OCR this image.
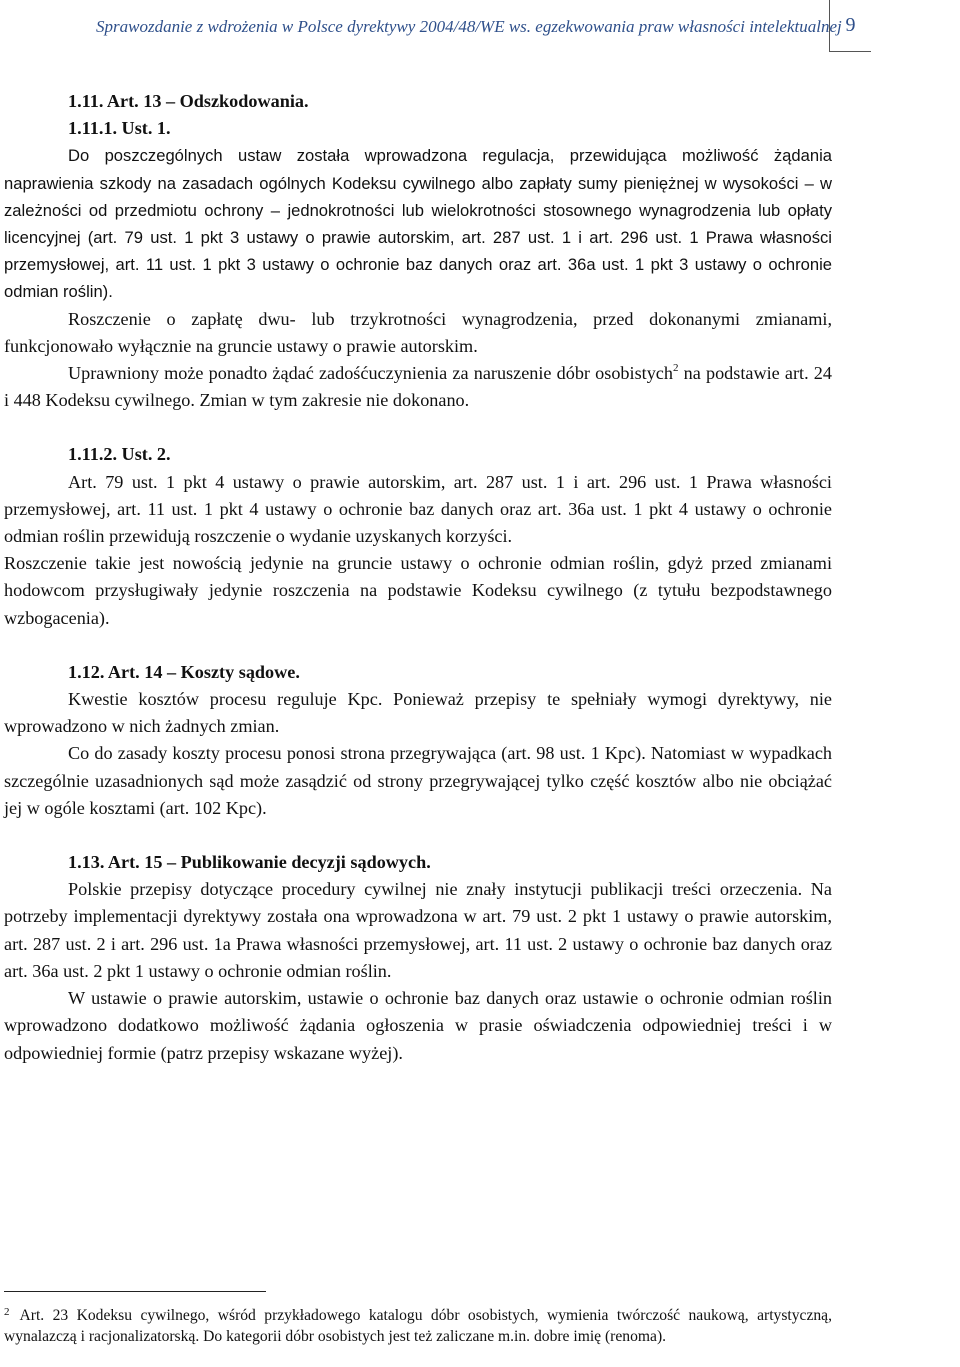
Sprawozdanie z wdrożenia w Polsce dyrektywy 2004/48/WE ws. egzekwowania praw własności intelektualnej 9
1.11. Art. 13 – Odszkodowania.
1.11.1. Ust. 1.

Do poszczególnych ustaw została wprowadzona regulacja, przewidująca możliwość żądania naprawienia szkody na zasadach ogólnych Kodeksu cywilnego albo zapłaty sumy pieniężnej w wysokości – w zależności od przedmiotu ochrony – jednokrotności lub wielokrotności stosownego wynagrodzenia lub opłaty licencyjnej (art. 79 ust. 1 pkt 3 ustawy o prawie autorskim, art. 287 ust. 1 i art. 296 ust. 1 Prawa własności przemysłowej, art. 11 ust. 1 pkt 3 ustawy o ochronie baz danych oraz art. 36a ust. 1 pkt 3 ustawy o ochronie odmian roślin).

Roszczenie o zapłatę dwu- lub trzykrotności wynagrodzenia, przed dokonanymi zmianami, funkcjonowało wyłącznie na gruncie ustawy o prawie autorskim.

Uprawniony może ponadto żądać zadośćuczynienia za naruszenie dóbr osobistych$^2$ na podstawie art. 24 i 448 Kodeksu cywilnego. Zmian w tym zakresie nie dokonano.

1.11.2. Ust. 2.

Art. 79 ust. 1 pkt 4 ustawy o prawie autorskim, art. 287 ust. 1 i art. 296 ust. 1 Prawa własności przemysłowej, art. 11 ust. 1 pkt 4 ustawy o ochronie baz danych oraz art. 36a ust. 1 pkt 4 ustawy o ochronie odmian roślin przewidują roszczenie o wydanie uzyskanych korzyści.

Roszczenie takie jest nowością jedynie na gruncie ustawy o ochronie odmian roślin, gdyż przed zmianami hodowcom przysługiwały jedynie roszczenia na podstawie Kodeksu cywilnego (z tytułu bezpodstawnego wzbogacenia).

1.12. Art. 14 – Koszty sądowe.

Kwestie kosztów procesu reguluje Kpc. Ponieważ przepisy te spełniały wymogi dyrektywy, nie wprowadzono w nich żadnych zmian.

Co do zasady koszty procesu ponosi strona przegrywająca (art. 98 ust. 1 Kpc). Natomiast w wypadkach szczególnie uzasadnionych sąd może zasądzić od strony przegrywającej tylko część kosztów albo nie obciążać jej w ogóle kosztami (art. 102 Kpc).

1.13. Art. 15 – Publikowanie decyzji sądowych.

Polskie przepisy dotyczące procedury cywilnej nie znały instytucji publikacji treści orzeczenia. Na potrzeby implementacji dyrektywy została ona wprowadzona w art. 79 ust. 2 pkt 1 ustawy o prawie autorskim, art. 287 ust. 2 i art. 296 ust. 1a Prawa własności przemysłowej, art. 11 ust. 2 ustawy o ochronie baz danych oraz art. 36a ust. 2 pkt 1 ustawy o ochronie odmian roślin.

W ustawie o prawie autorskim, ustawie o ochronie baz danych oraz ustawie o ochronie odmian roślin wprowadzono dodatkowo możliwość żądania ogłoszenia w prasie oświadczenia odpowiedniej treści i w odpowiedniej formie (patrz przepisy wskazane wyżej).

$^2$ Art. 23 Kodeksu cywilnego, wśród przykładowego katalogu dóbr osobistych, wymienia twórczość naukową, artystyczną, wynalazczą i racjonalizatorską. Do kategorii dóbr osobistych jest też zaliczane m.in. dobre imię (renoma).
